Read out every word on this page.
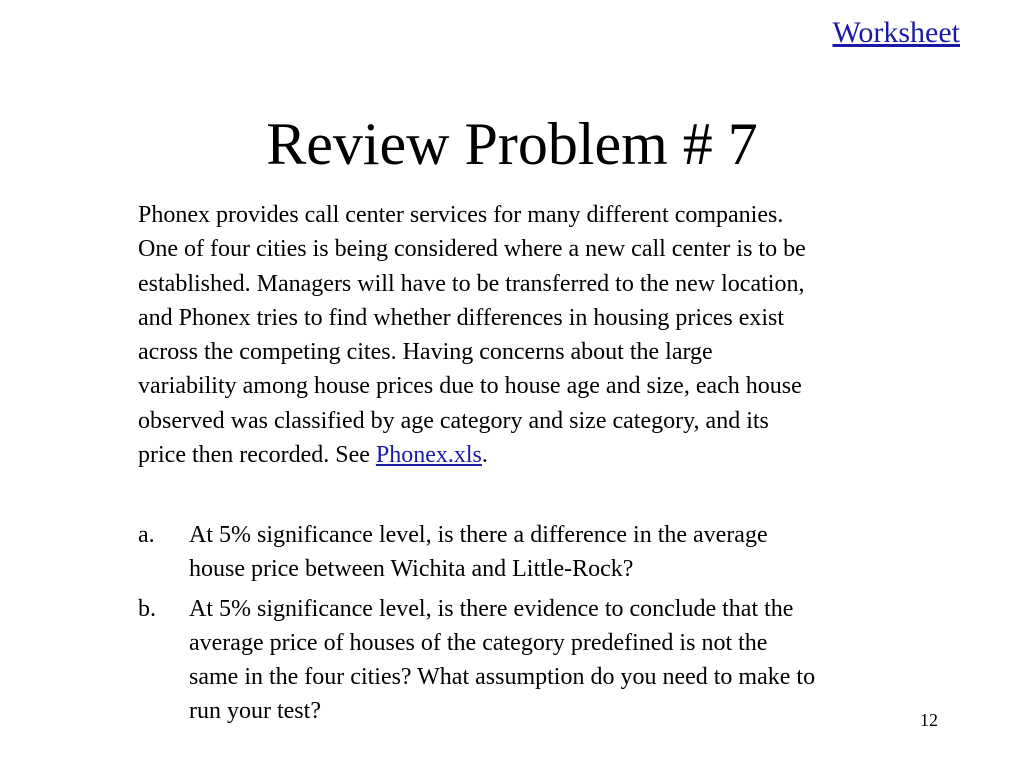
Worksheet
Review Problem # 7

Phonex provides call center services for many different companies.
One of four cities is being considered where a new call center is to be
established. Managers will have to be transferred to the new location,
and Phonex tries to find whether differences in housing prices exist
across the competing cites. Having concerns about the large
variability among house prices due to house age and size, each house
observed was classified by age category and size category, and its
price then recorded. See Phonex.xls.

a.	At 5% significance level, is there a difference in the average
house price between Wichita and Little-Rock?
b.	At 5% significance level, is there evidence to conclude that the
average price of houses of the category predefined is not the
same in the four cities? What assumption do you need to make to
run your test?	12
